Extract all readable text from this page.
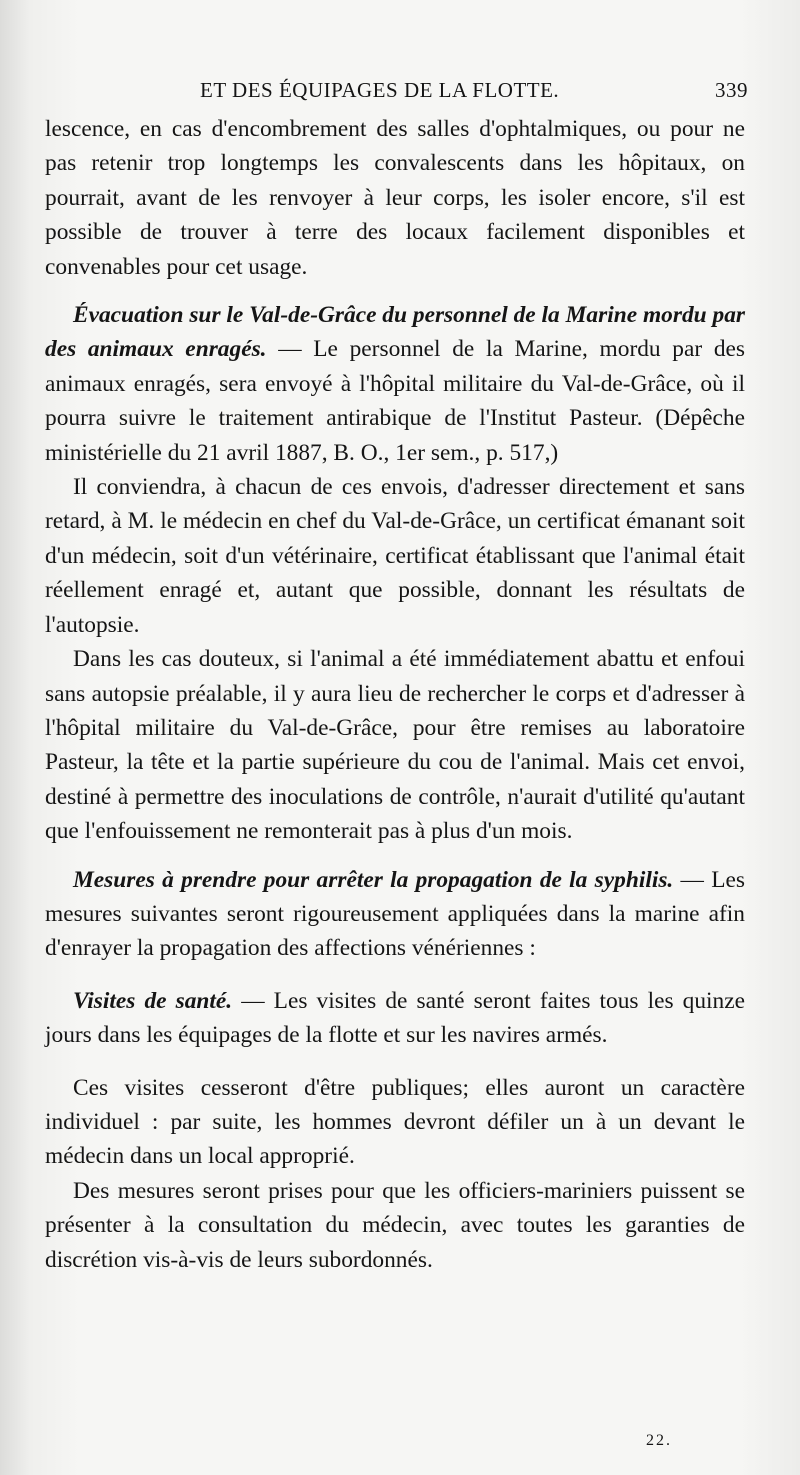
ET DES ÉQUIPAGES DE LA FLOTTE.	339

lescence, en cas d'encombrement des salles d'ophtalmiques, ou pour ne pas retenir trop longtemps les convalescents dans les hôpitaux, on pourrait, avant de les renvoyer à leur corps, les isoler encore, s'il est possible de trouver à terre des locaux facilement disponibles et convenables pour cet usage.

Évacuation sur le Val-de-Grâce du personnel de la Marine mordu par des animaux enragés. — Le personnel de la Marine, mordu par des animaux enragés, sera envoyé à l'hôpital militaire du Val-de-Grâce, où il pourra suivre le traitement antirabique de l'Institut Pasteur. (Dépêche ministérielle du 21 avril 1887, B. O., 1er sem., p. 517,)

Il conviendra, à chacun de ces envois, d'adresser directement et sans retard, à M. le médecin en chef du Val-de-Grâce, un certificat émanant soit d'un médecin, soit d'un vétérinaire, certificat établissant que l'animal était réellement enragé et, autant que possible, donnant les résultats de l'autopsie.

Dans les cas douteux, si l'animal a été immédiatement abattu et enfoui sans autopsie préalable, il y aura lieu de rechercher le corps et d'adresser à l'hôpital militaire du Val-de-Grâce, pour être remises au laboratoire Pasteur, la tête et la partie supérieure du cou de l'animal. Mais cet envoi, destiné à permettre des inoculations de contrôle, n'aurait d'utilité qu'autant que l'enfouissement ne remonterait pas à plus d'un mois.

Mesures à prendre pour arrêter la propagation de la syphilis. — Les mesures suivantes seront rigoureusement appliquées dans la marine afin d'enrayer la propagation des affections vénériennes :

Visites de santé. — Les visites de santé seront faites tous les quinze jours dans les équipages de la flotte et sur les navires armés.

Ces visites cesseront d'être publiques; elles auront un caractère individuel : par suite, les hommes devront défiler un à un devant le médecin dans un local approprié.

Des mesures seront prises pour que les officiers-mariniers puissent se présenter à la consultation du médecin, avec toutes les garanties de discrétion vis-à-vis de leurs subordonnés.

22.
